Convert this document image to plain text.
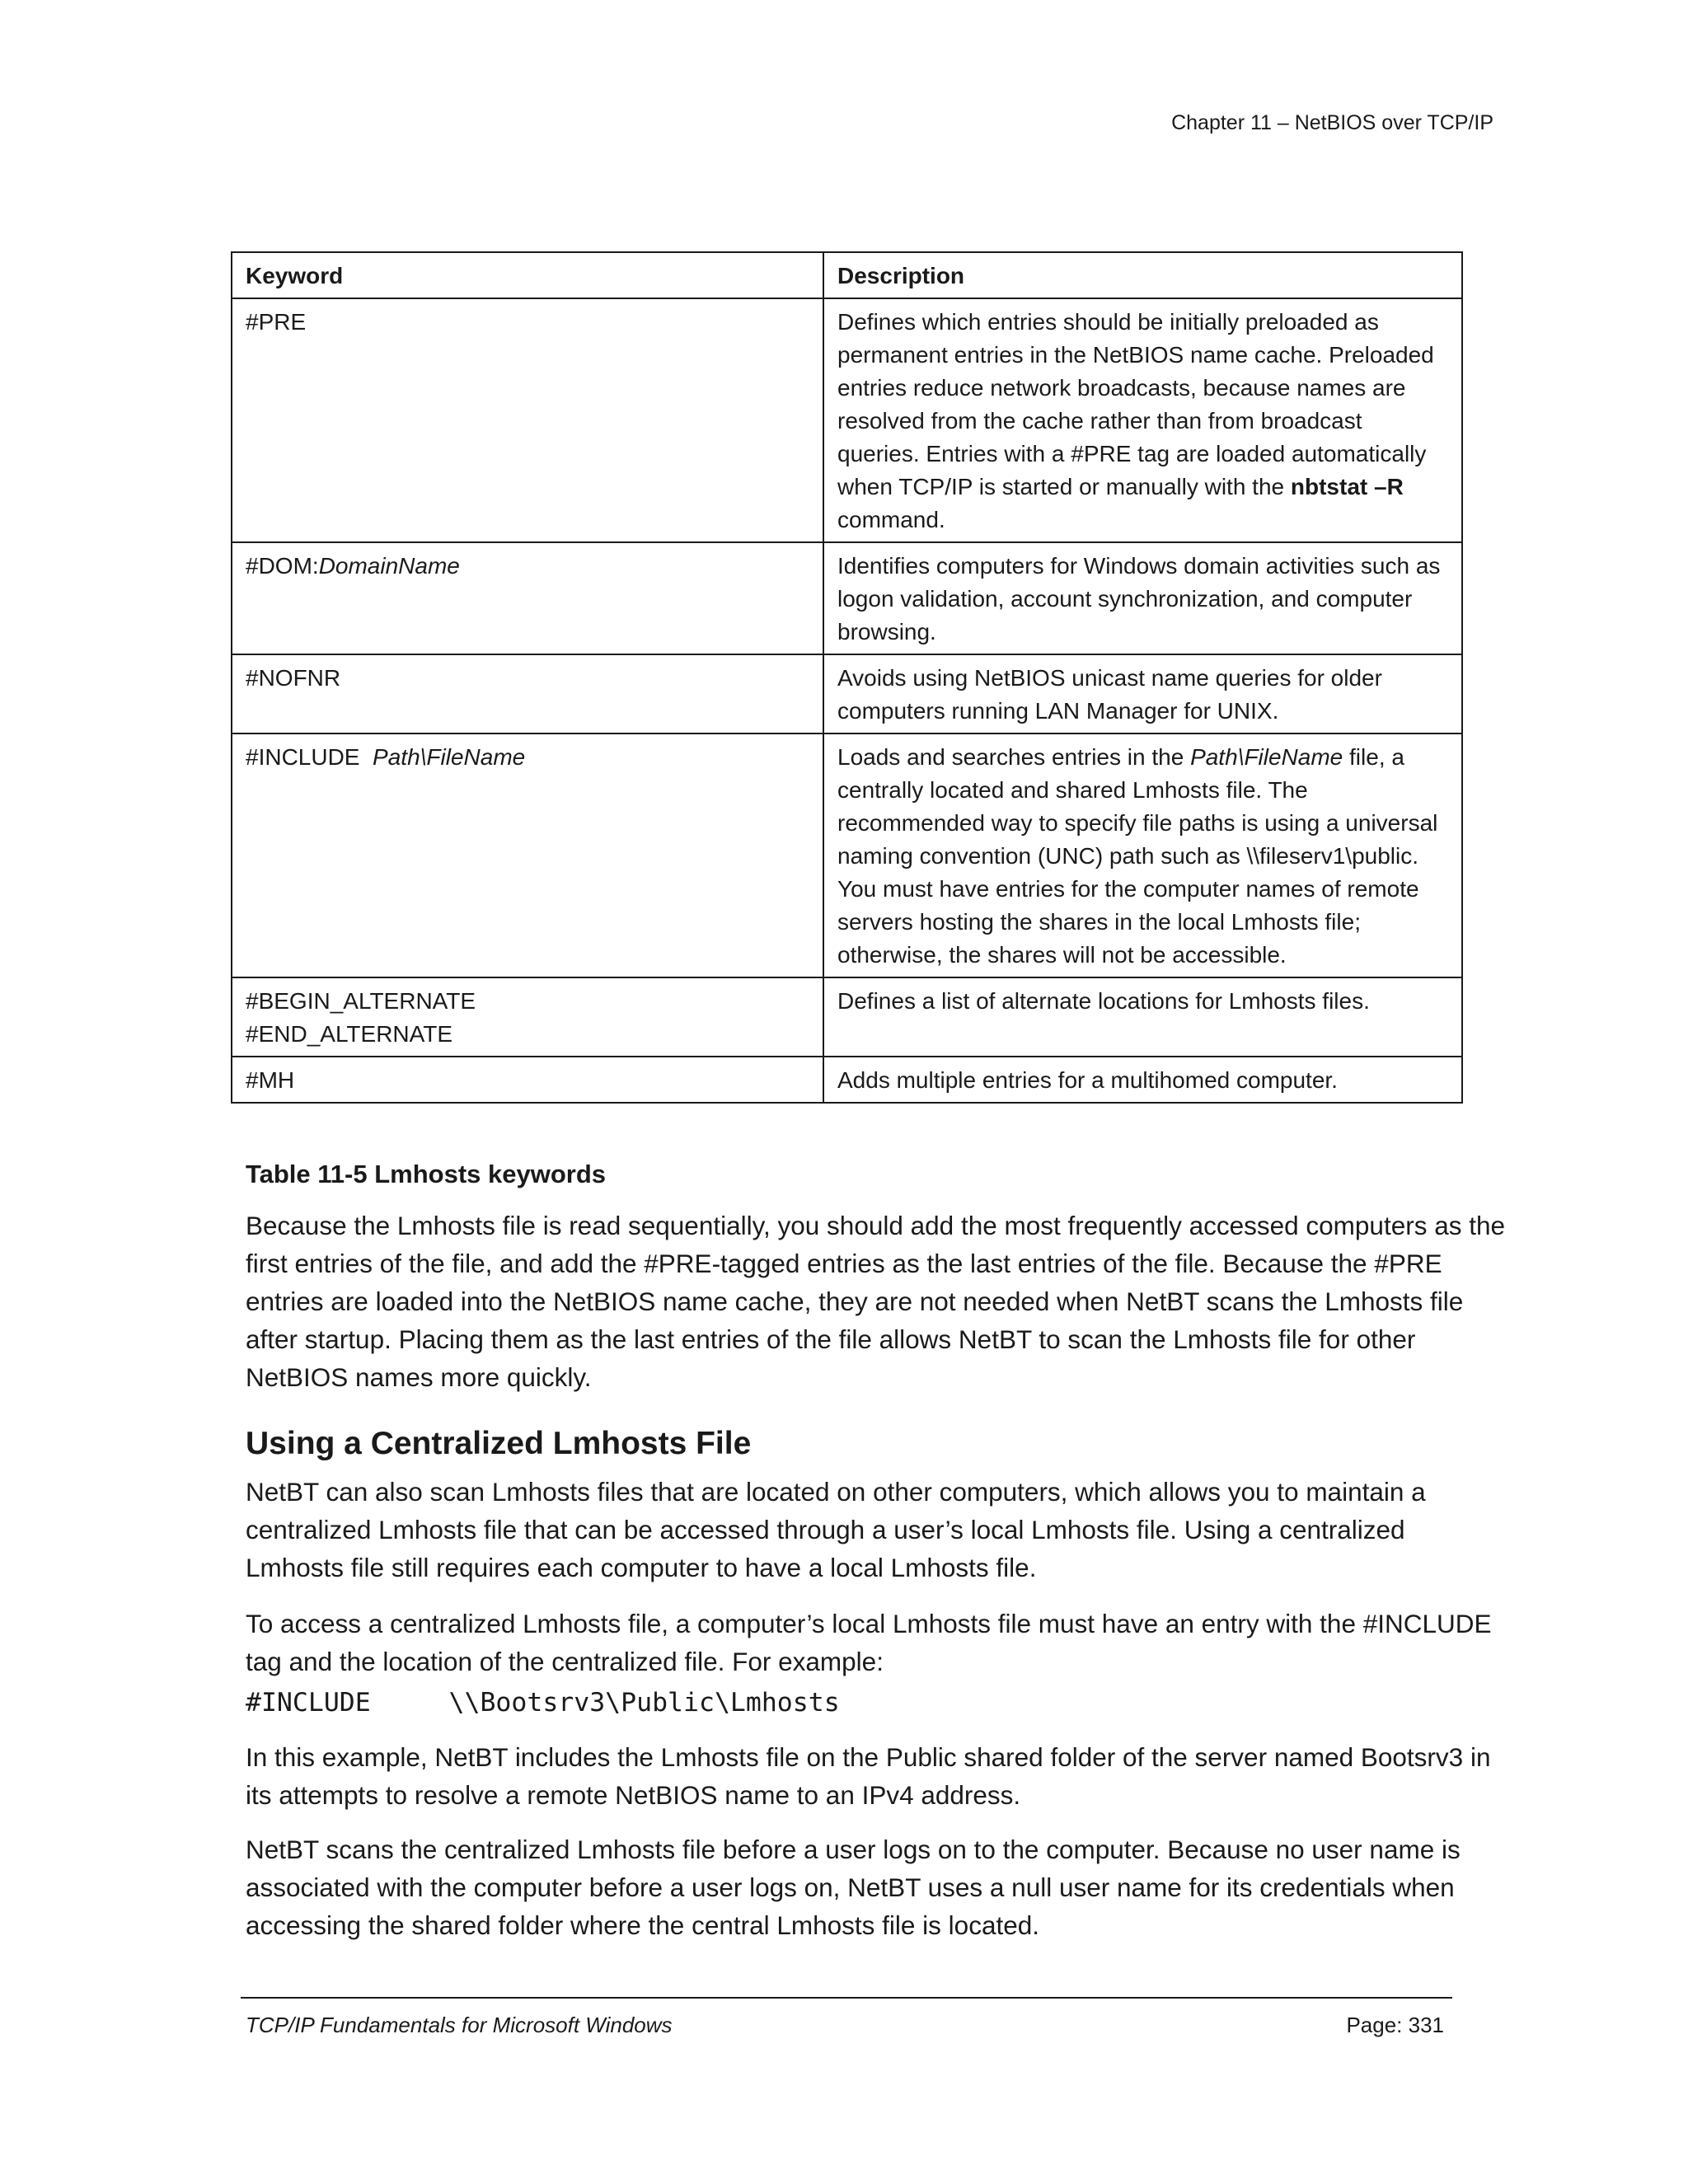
Chapter 11 – NetBIOS over TCP/IP

Keyword	Description
#PRE	Defines which entries should be initially preloaded as permanent entries in the NetBIOS name cache. Preloaded entries reduce network broadcasts, because names are resolved from the cache rather than from broadcast queries. Entries with a #PRE tag are loaded automatically when TCP/IP is started or manually with the nbtstat –R command.
#DOM:DomainName	Identifies computers for Windows domain activities such as logon validation, account synchronization, and computer browsing.
#NOFNR	Avoids using NetBIOS unicast name queries for older computers running LAN Manager for UNIX.
#INCLUDE  Path\FileName	Loads and searches entries in the Path\FileName file, a centrally located and shared Lmhosts file. The recommended way to specify file paths is using a universal naming convention (UNC) path such as \\fileserv1\public. You must have entries for the computer names of remote servers hosting the shares in the local Lmhosts file; otherwise, the shares will not be accessible.

#BEGIN_ALTERNATE
#END_ALTERNATE	Defines a list of alternate locations for Lmhosts files.
#MH	Adds multiple entries for a multihomed computer.

Table 11-5 Lmhosts keywords

Because the Lmhosts file is read sequentially, you should add the most frequently accessed computers as the first entries of the file, and add the #PRE-tagged entries as the last entries of the file. Because the #PRE entries are loaded into the NetBIOS name cache, they are not needed when NetBT scans the Lmhosts file after startup. Placing them as the last entries of the file allows NetBT to scan the Lmhosts file for other NetBIOS names more quickly.

Using a Centralized Lmhosts File

NetBT can also scan Lmhosts files that are located on other computers, which allows you to maintain a centralized Lmhosts file that can be accessed through a user’s local Lmhosts file. Using a centralized Lmhosts file still requires each computer to have a local Lmhosts file.

To access a centralized Lmhosts file, a computer’s local Lmhosts file must have an entry with the #INCLUDE tag and the location of the centralized file. For example:

#INCLUDE     \\Bootsrv3\Public\Lmhosts

In this example, NetBT includes the Lmhosts file on the Public shared folder of the server named Bootsrv3 in its attempts to resolve a remote NetBIOS name to an IPv4 address.

NetBT scans the centralized Lmhosts file before a user logs on to the computer. Because no user name is associated with the computer before a user logs on, NetBT uses a null user name for its credentials when accessing the shared folder where the central Lmhosts file is located.

TCP/IP Fundamentals for Microsoft Windows	Page: 331
